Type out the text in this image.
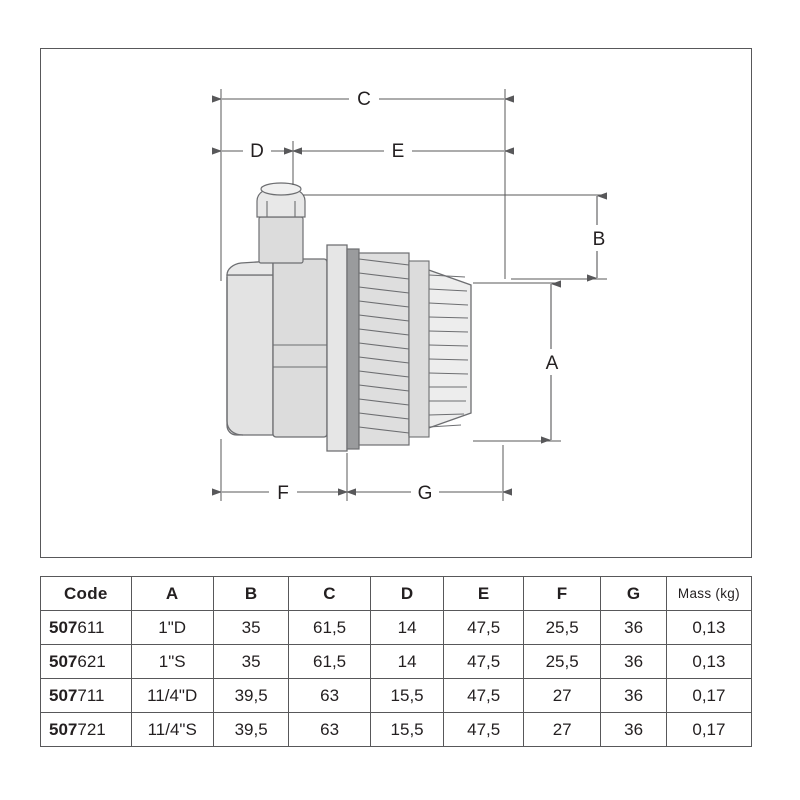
C
D	E
B
A
F	G
Code	A	B	C	D	E	F	G	Mass (kg)
507611	1"D	35	61,5	14	47,5	25,5	36	0,13
507621	1"S	35	61,5	14	47,5	25,5	36	0,13
507711	11/4"D	39,5	63	15,5	47,5	27	36	0,17
507721	11/4"S	39,5	63	15,5	47,5	27	36	0,17
